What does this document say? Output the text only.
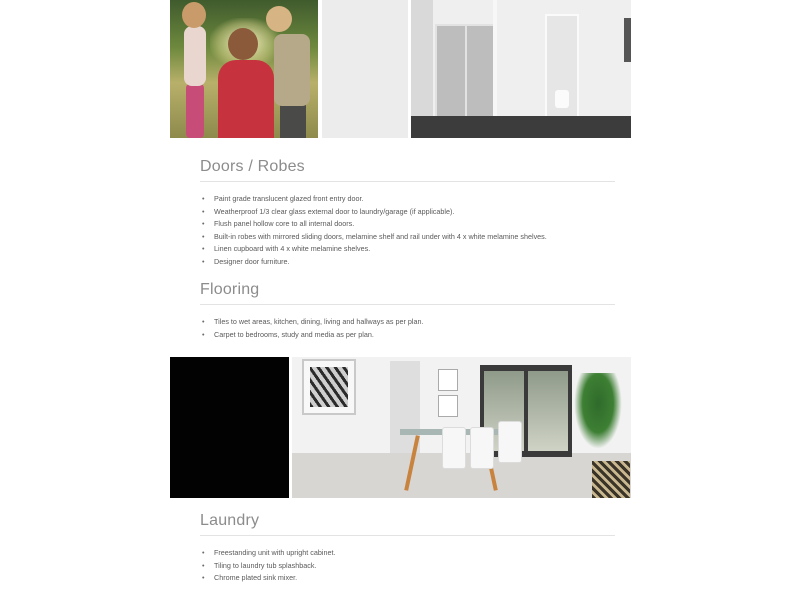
Doors / Robes
• Paint grade translucent glazed front entry door.
• Weatherproof 1/3 clear glass external door to laundry/garage (if applicable).
• Flush panel hollow core to all internal doors.
• Built-in robes with mirrored sliding doors, melamine shelf and rail under with 4 x white melamine shelves.
• Linen cupboard with 4 x white melamine shelves.
• Designer door furniture.
Flooring
• Tiles to wet areas, kitchen, dining, living and hallways as per plan.
• Carpet to bedrooms, study and media as per plan.
Laundry
• Freestanding unit with upright cabinet.
• Tiling to laundry tub splashback.
• Chrome plated sink mixer.
